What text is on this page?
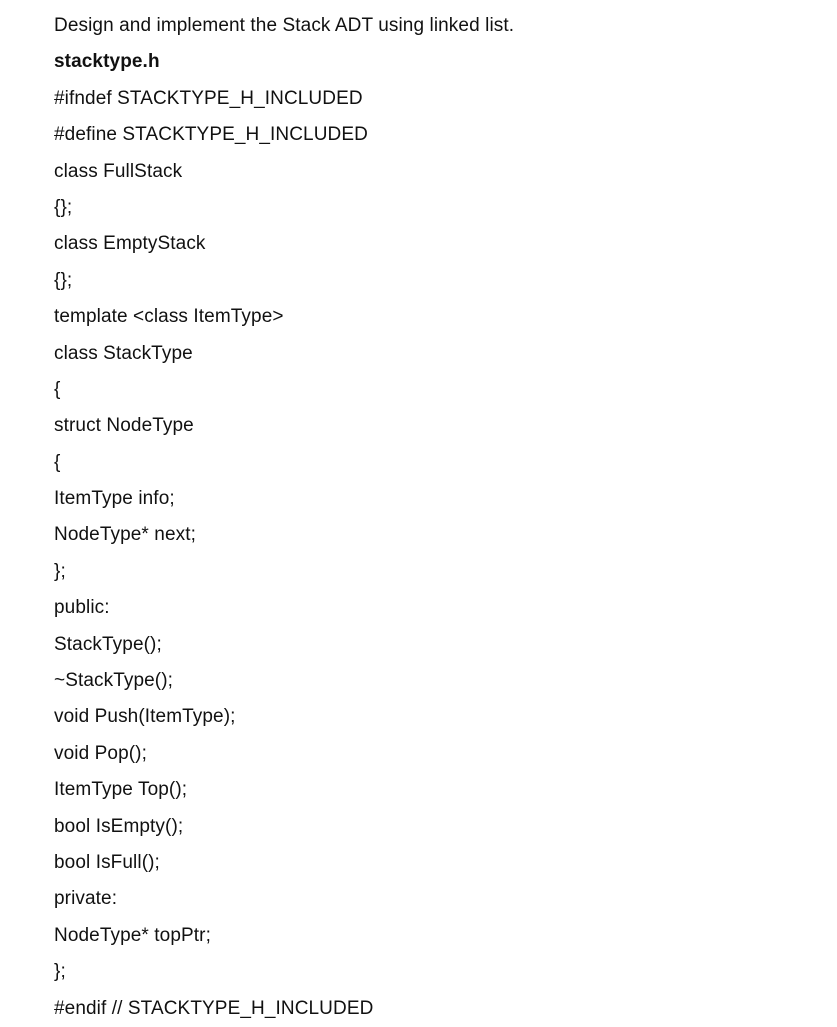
Design and implement the Stack ADT using linked list.
stacktype.h
#ifndef STACKTYPE_H_INCLUDED
#define STACKTYPE_H_INCLUDED
class FullStack
{};
class EmptyStack
{};
template <class ItemType>
class StackType
{
struct NodeType
{
ItemType info;
NodeType* next;
};
public:
StackType();
~StackType();
void Push(ItemType);
void Pop();
ItemType Top();
bool IsEmpty();
bool IsFull();
private:
NodeType* topPtr;
};
#endif // STACKTYPE_H_INCLUDED
